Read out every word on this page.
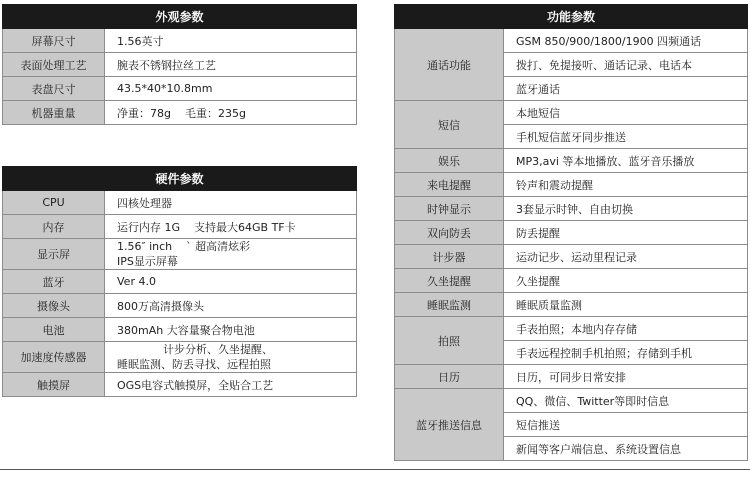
外观参数	
屏幕尺寸	1.56英寸
表面处理工艺	腕表不锈钢拉丝工艺
表盘尺寸	43.5*40*10.8mm
机器重量	净重：78g    毛重：235g
硬件参数	
CPU	四核处理器

内存	运行内存 1G    支持最大64GB TF卡

显示屏	1.56″ inch    ˋ 超高清炫彩
IPS显示屏幕

蓝牙	Ver 4.0

摄像头	800万高清摄像头

电池	380mAh 大容量聚合物电池

加速度传感器	计步分析、久坐提醒、
睡眠监测、防丢寻找、远程拍照

触摸屏	OGS电容式触摸屏，全贴合工艺
功能参数	
通话功能	GSM 850/900/1800/1900 四频通话
	拨打、免提接听、通话记录、电话本
	蓝牙通话
短信	本地短信
	手机短信蓝牙同步推送
娱乐	MP3,avi 等本地播放、蓝牙音乐播放
来电提醒	铃声和震动提醒
时钟显示	3套显示时钟、自由切换
双向防丢	防丢提醒
计步器	运动记步、运动里程记录
久坐提醒	久坐提醒
睡眠监测	睡眠质量监测
拍照	手表拍照；本地内存存储
	手表远程控制手机拍照；存储到手机
日历	日历，可同步日常安排
蓝牙推送信息	QQ、微信、Twitter等即时信息
	短信推送
	新闻等客户端信息、系统设置信息
